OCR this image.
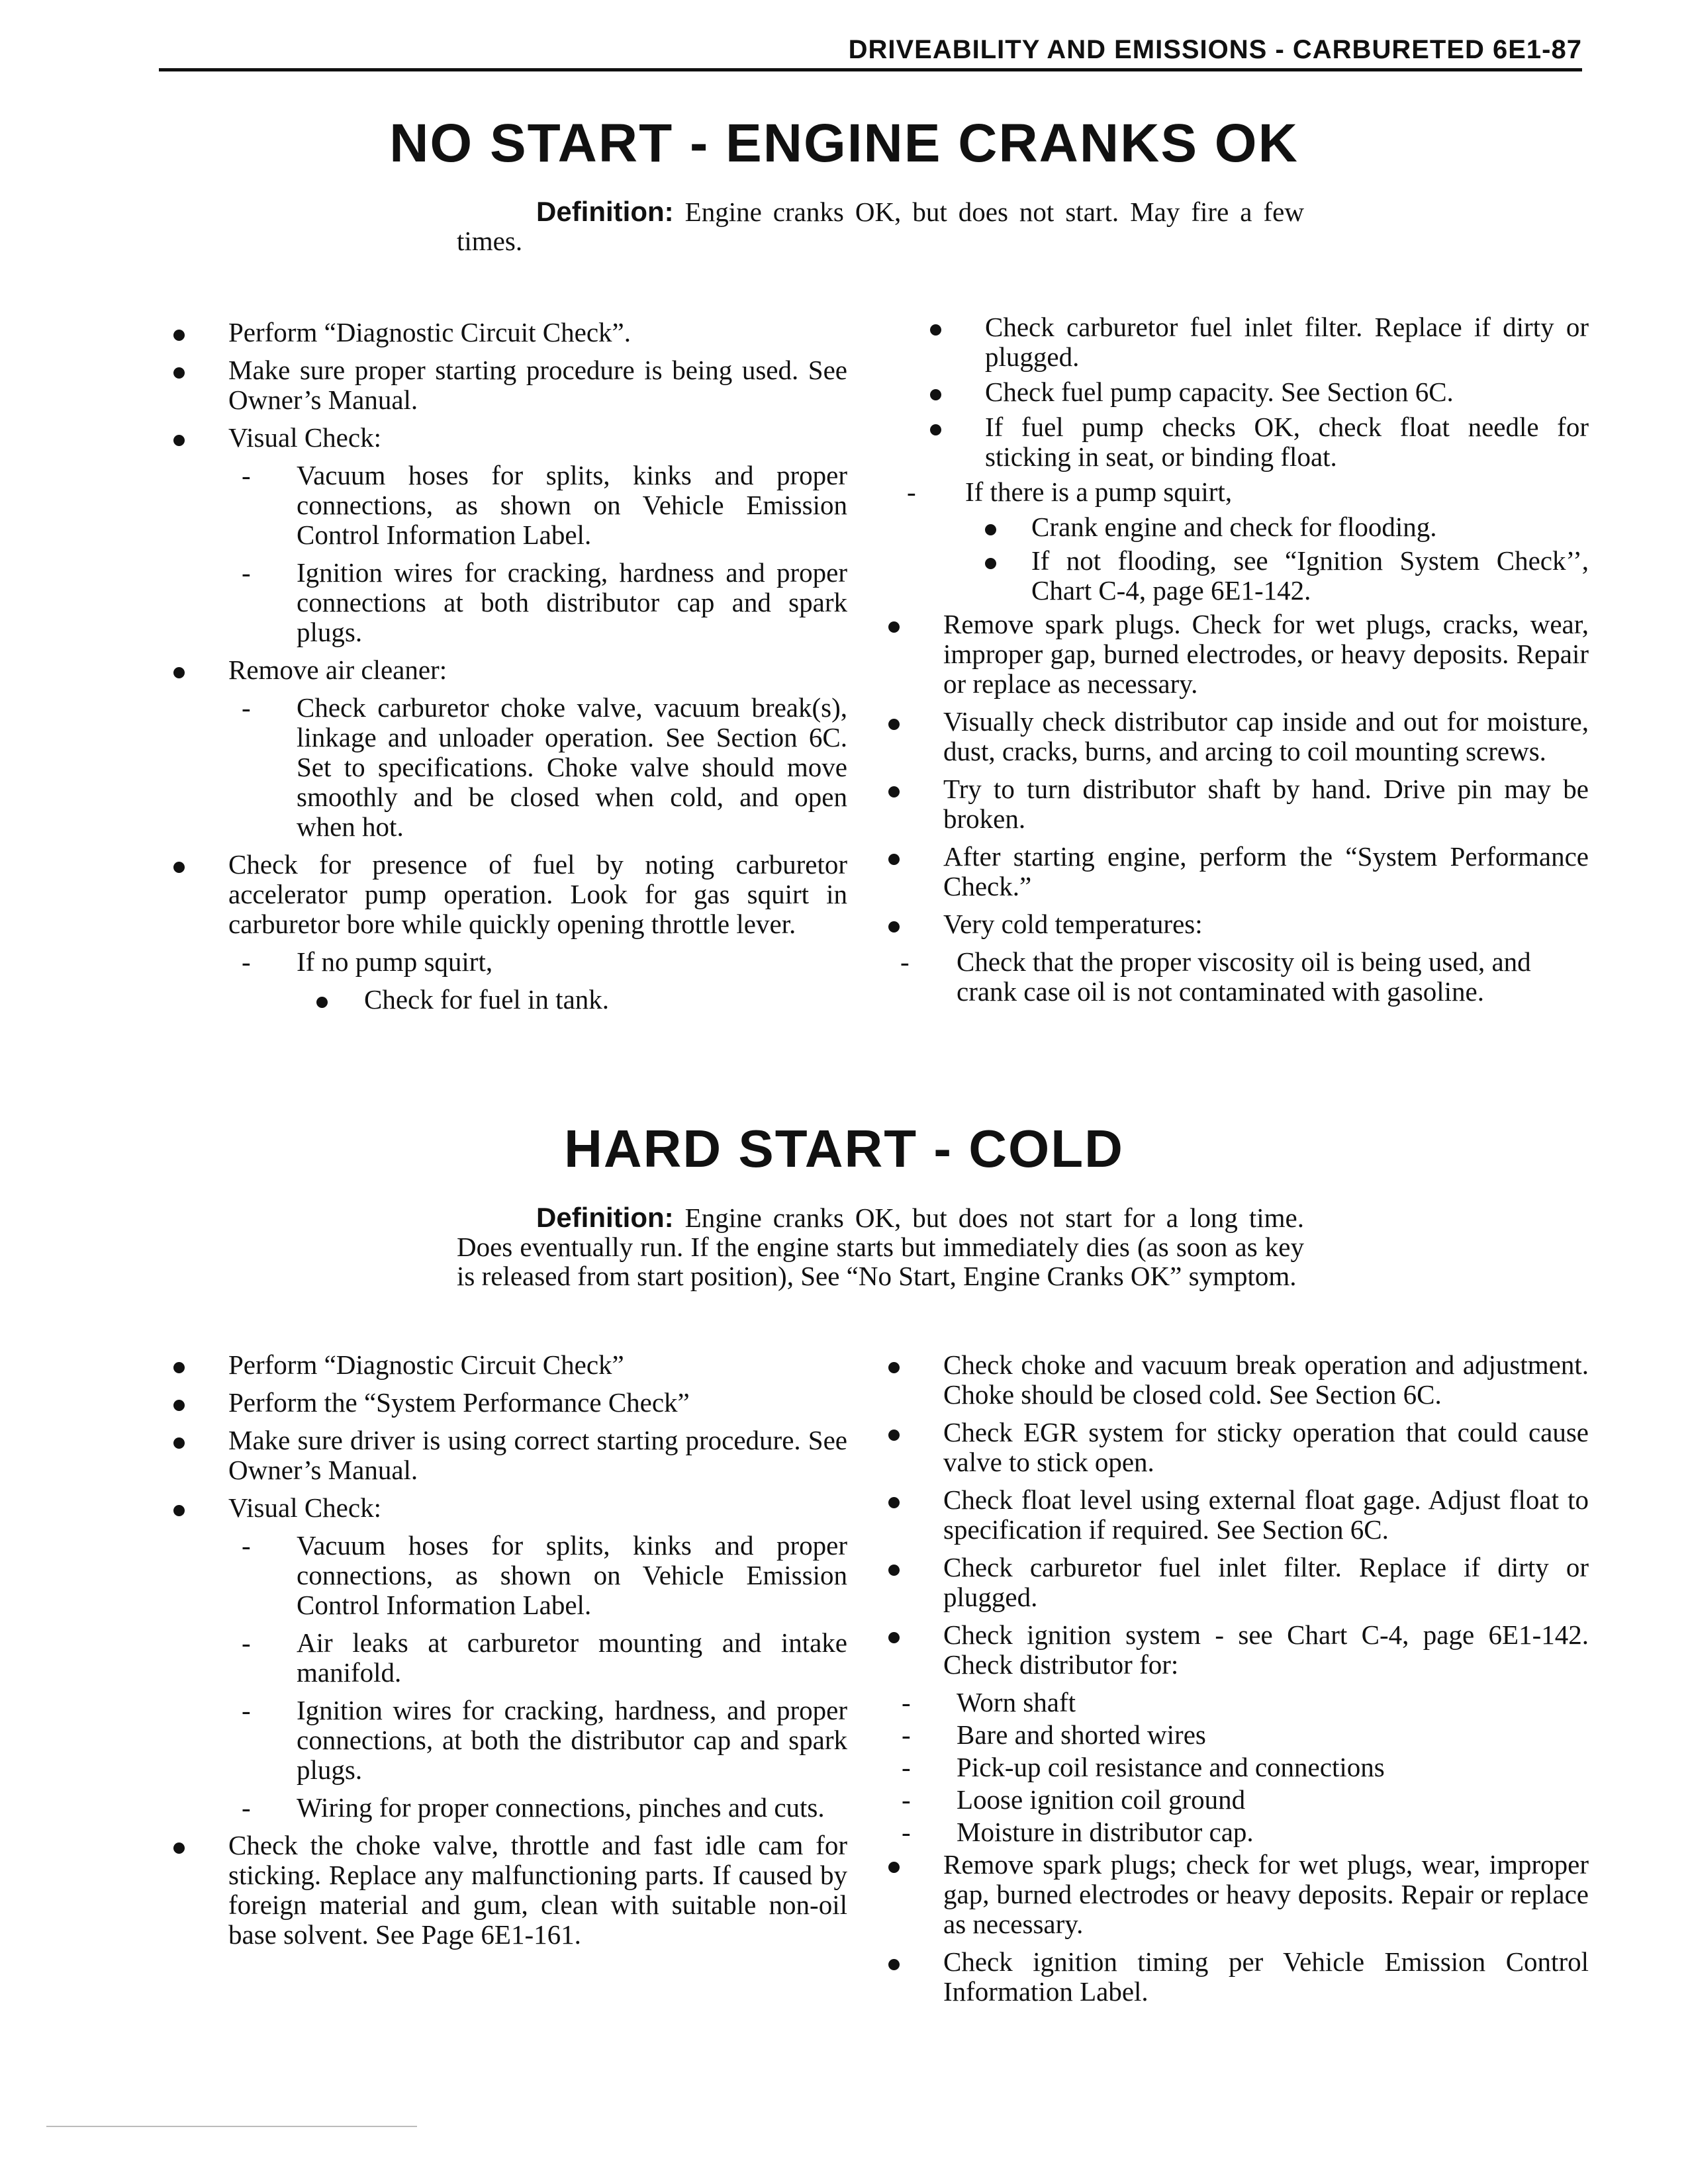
DRIVEABILITY AND EMISSIONS - CARBURETED 6E1-87
NO START - ENGINE CRANKS OK
Definition: Engine cranks OK, but does not start. May fire a few times.
Perform “Diagnostic Circuit Check”.
Make sure proper starting procedure is being used. See Owner’s Manual.
Visual Check:
- Vacuum hoses for splits, kinks and proper connections, as shown on Vehicle Emission Control Information Label.
- Ignition wires for cracking, hardness and proper connections at both distributor cap and spark plugs.
Remove air cleaner:
- Check carburetor choke valve, vacuum break(s), linkage and unloader operation. See Section 6C. Set to specifications. Choke valve should move smoothly and be closed when cold, and open when hot.
Check for presence of fuel by noting carburetor accelerator pump operation. Look for gas squirt in carburetor bore while quickly opening throttle lever.
- If no pump squirt,
Check for fuel in tank.
Check carburetor fuel inlet filter. Replace if dirty or plugged.
Check fuel pump capacity. See Section 6C.
If fuel pump checks OK, check float needle for sticking in seat, or binding float.
- If there is a pump squirt,
Crank engine and check for flooding.
If not flooding, see “Ignition System Check’’, Chart C-4, page 6E1-142.
Remove spark plugs. Check for wet plugs, cracks, wear, improper gap, burned electrodes, or heavy deposits. Repair or replace as necessary.
Visually check distributor cap inside and out for moisture, dust, cracks, burns, and arcing to coil mounting screws.
Try to turn distributor shaft by hand. Drive pin may be broken.
After starting engine, perform the “System Performance Check.”
Very cold temperatures:
- Check that the proper viscosity oil is being used, and crank case oil is not contaminated with gasoline.
HARD START - COLD
Definition: Engine cranks OK, but does not start for a long time. Does eventually run. If the engine starts but immediately dies (as soon as key is released from start position), See “No Start, Engine Cranks OK” symptom.
Perform “Diagnostic Circuit Check”
Perform the “System Performance Check”
Make sure driver is using correct starting procedure. See Owner’s Manual.
Visual Check:
- Vacuum hoses for splits, kinks and proper connections, as shown on Vehicle Emission Control Information Label.
- Air leaks at carburetor mounting and intake manifold.
- Ignition wires for cracking, hardness, and proper connections, at both the distributor cap and spark plugs.
- Wiring for proper connections, pinches and cuts.
Check the choke valve, throttle and fast idle cam for sticking. Replace any malfunctioning parts. If caused by foreign material and gum, clean with suitable non-oil base solvent. See Page 6E1-161.
Check choke and vacuum break operation and adjustment. Choke should be closed cold. See Section 6C.
Check EGR system for sticky operation that could cause valve to stick open.
Check float level using external float gage. Adjust float to specification if required. See Section 6C.
Check carburetor fuel inlet filter. Replace if dirty or plugged.
Check ignition system - see Chart C-4, page 6E1-142. Check distributor for:
- Worn shaft
- Bare and shorted wires
- Pick-up coil resistance and connections
- Loose ignition coil ground
- Moisture in distributor cap.
Remove spark plugs; check for wet plugs, wear, improper gap, burned electrodes or heavy deposits. Repair or replace as necessary.
Check ignition timing per Vehicle Emission Control Information Label.
